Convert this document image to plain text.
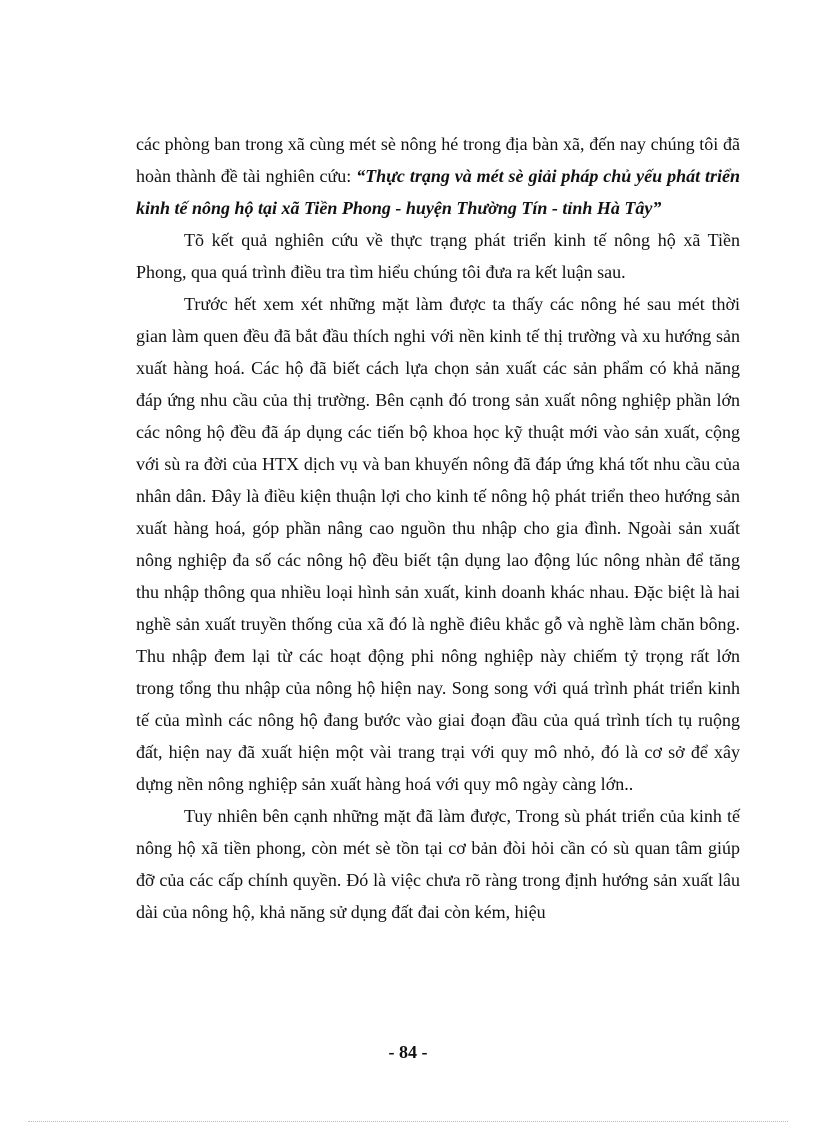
các phòng ban trong xã cùng mét sè nông hé trong địa bàn xã, đến nay chúng tôi đã hoàn thành đề tài nghiên cứu: “Thực trạng và mét sè giải pháp chủ yếu phát triển kinh tế nông hộ tại xã Tiền Phong - huyện Thường Tín - tỉnh Hà Tây”

Tõ kết quả nghiên cứu về thực trạng phát triển kinh tế nông hộ xã Tiền Phong, qua quá trình điều tra tìm hiểu chúng tôi đưa ra kết luận sau.

Trước hết xem xét những mặt làm được ta thấy các nông hé sau mét thời gian làm quen đều đã bắt đầu thích nghi với nền kinh tế thị trường và xu hướng sản xuất hàng hoá. Các hộ đã biết cách lựa chọn sản xuất các sản phẩm có khả năng đáp ứng nhu cầu của thị trường. Bên cạnh đó trong sản xuất nông nghiệp phần lớn các nông hộ đều đã áp dụng các tiến bộ khoa học kỹ thuật mới vào sản xuất, cộng với sù ra đời của HTX dịch vụ và ban khuyến nông đã đáp ứng khá tốt nhu cầu của nhân dân. Đây là điều kiện thuận lợi cho kinh tế nông hộ phát triển theo hướng sản xuất hàng hoá, góp phần nâng cao nguồn thu nhập cho gia đình. Ngoài sản xuất nông nghiệp đa số các nông hộ đều biết tận dụng lao động lúc nông nhàn để tăng thu nhập thông qua nhiều loại hình sản xuất, kinh doanh khác nhau. Đặc biệt là hai nghề sản xuất truyền thống của xã đó là nghề điêu khắc gỗ và nghề làm chăn bông. Thu nhập đem lại từ các hoạt động phi nông nghiệp này chiếm tỷ trọng rất lớn trong tổng thu nhập của nông hộ hiện nay. Song song với quá trình phát triển kinh tế của mình các nông hộ đang bước vào giai đoạn đầu của quá trình tích tụ ruộng đất, hiện nay đã xuất hiện một vài trang trại với quy mô nhỏ, đó là cơ sở để xây dựng nền nông nghiệp sản xuất hàng hoá với quy mô ngày càng lớn..

Tuy nhiên bên cạnh những mặt đã làm được, Trong sù phát triển của kinh tế nông hộ xã tiền phong, còn mét sè tồn tại cơ bản đòi hỏi cần có sù quan tâm giúp đỡ của các cấp chính quyền. Đó là việc chưa rõ ràng trong định hướng sản xuất lâu dài của nông hộ, khả năng sử dụng đất đai còn kém, hiệu

- 84 -
